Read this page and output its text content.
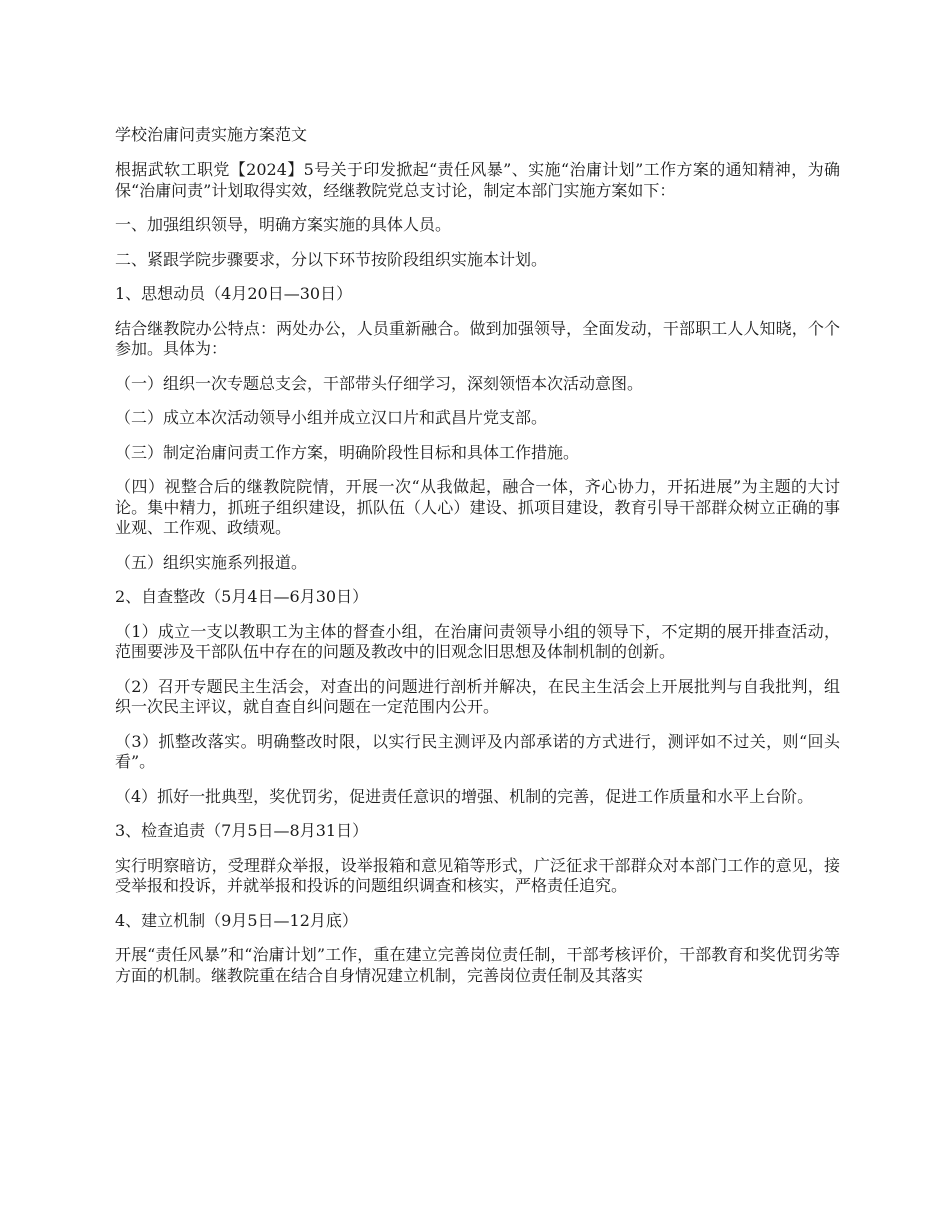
学校治庸问责实施方案范文
根据武软工职党【2024】5号关于印发掀起“责任风暴”、实施“治庸计划”工作方案的通知精神，为确保“治庸问责”计划取得实效，经继教院党总支讨论，制定本部门实施方案如下：
一、加强组织领导，明确方案实施的具体人员。
二、紧跟学院步骤要求，分以下环节按阶段组织实施本计划。
1、思想动员（4月20日—30日）
结合继教院办公特点：两处办公，人员重新融合。做到加强领导，全面发动，干部职工人人知晓，个个参加。具体为：
（一）组织一次专题总支会，干部带头仔细学习，深刻领悟本次活动意图。
（二）成立本次活动领导小组并成立汉口片和武昌片党支部。
（三）制定治庸问责工作方案，明确阶段性目标和具体工作措施。
（四）视整合后的继教院院情，开展一次“从我做起，融合一体，齐心协力，开拓进展”为主题的大讨论。集中精力，抓班子组织建设，抓队伍（人心）建设、抓项目建设，教育引导干部群众树立正确的事业观、工作观、政绩观。
（五）组织实施系列报道。
2、自查整改（5月4日—6月30日）
（1）成立一支以教职工为主体的督查小组，在治庸问责领导小组的领导下，不定期的展开排查活动，范围要涉及干部队伍中存在的问题及教改中的旧观念旧思想及体制机制的创新。
（2）召开专题民主生活会，对查出的问题进行剖析并解决，在民主生活会上开展批判与自我批判，组织一次民主评议，就自查自纠问题在一定范围内公开。
（3）抓整改落实。明确整改时限，以实行民主测评及内部承诺的方式进行，测评如不过关，则“回头看”。
（4）抓好一批典型，奖优罚劣，促进责任意识的增强、机制的完善，促进工作质量和水平上台阶。
3、检查追责（7月5日—8月31日）
实行明察暗访，受理群众举报，设举报箱和意见箱等形式，广泛征求干部群众对本部门工作的意见，接受举报和投诉，并就举报和投诉的问题组织调查和核实，严格责任追究。
4、建立机制（9月5日—12月底）
开展“责任风暴”和“治庸计划”工作，重在建立完善岗位责任制，干部考核评价，干部教育和奖优罚劣等方面的机制。继教院重在结合自身情况建立机制，完善岗位责任制及其落实
